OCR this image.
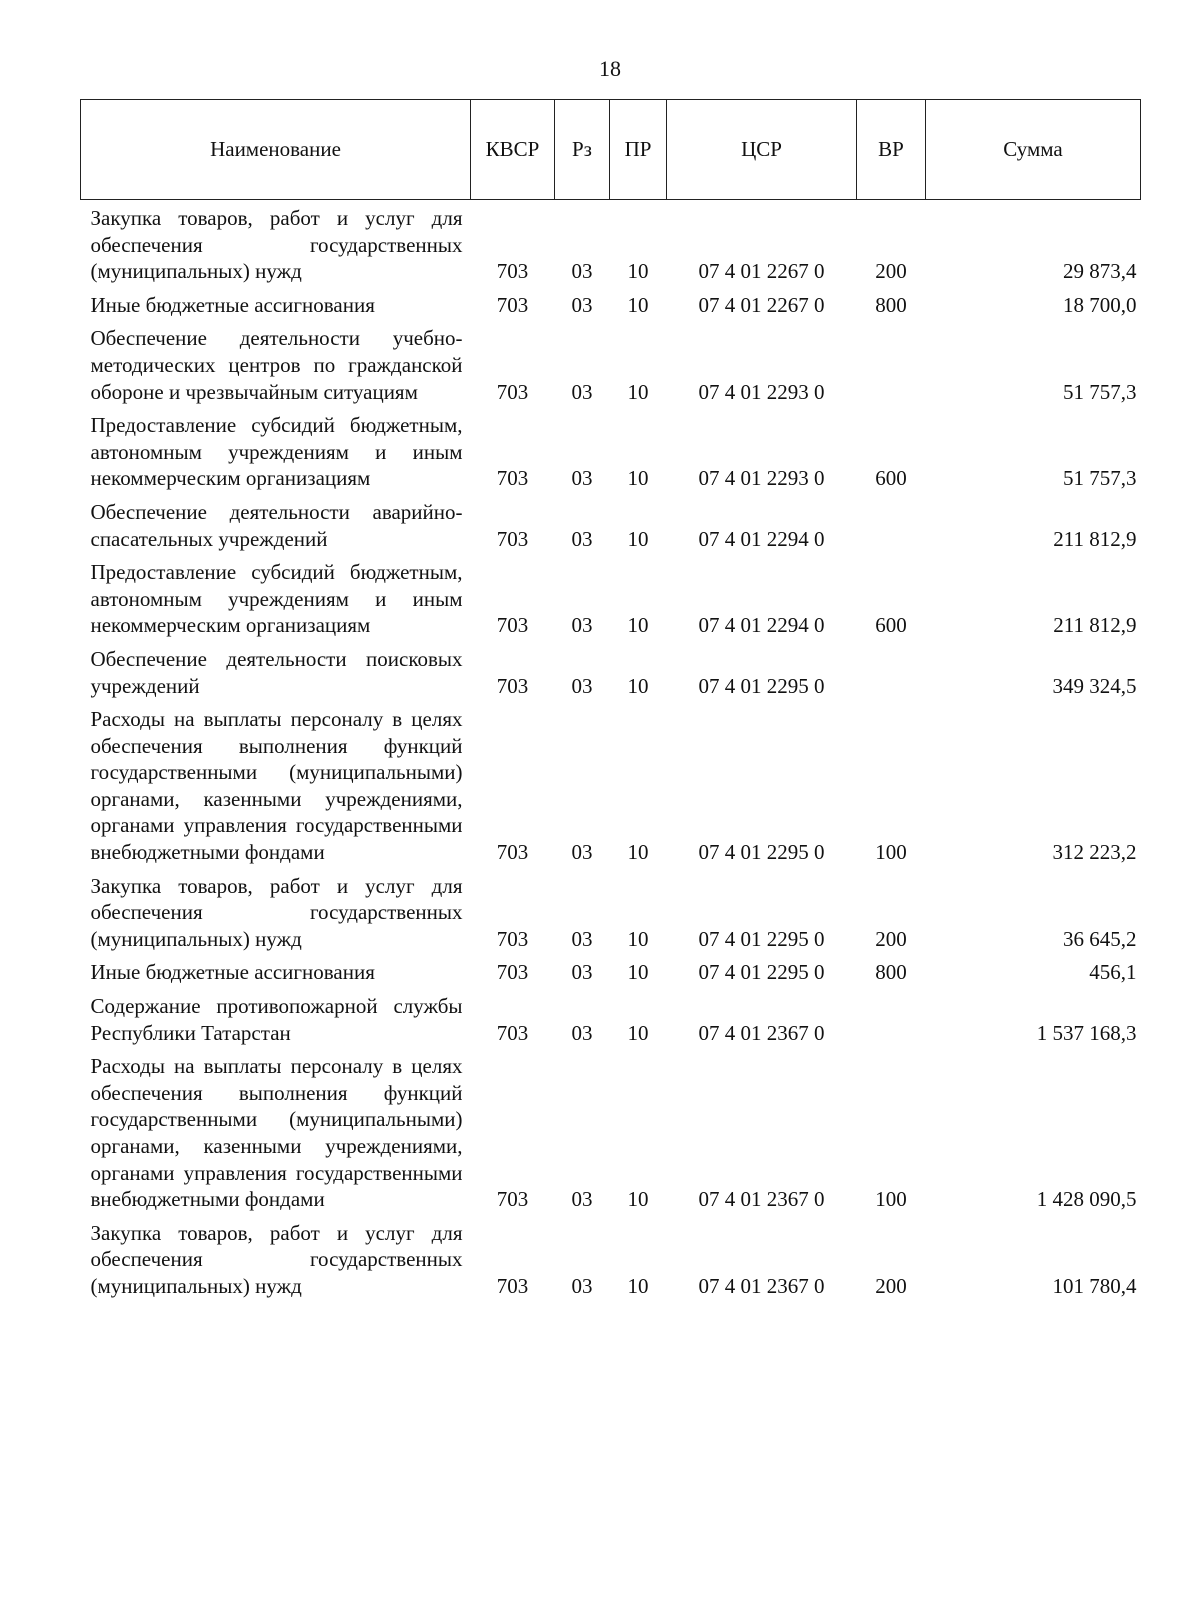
18
Наименование	КВСР	Рз	ПР	ЦСР	ВР	Сумма
Закупка товаров, работ и услуг для обеспечения государственных (муниципальных) нужд	703	03	10	07 4 01 2267 0	200	29 873,4
Иные бюджетные ассигнования	703	03	10	07 4 01 2267 0	800	18 700,0
Обеспечение деятельности учебно-методических центров по гражданской обороне и чрезвычайным ситуациям	703	03	10	07 4 01 2293 0		51 757,3
Предоставление субсидий бюджетным, автономным учреждениям и иным некоммерческим организациям	703	03	10	07 4 01 2293 0	600	51 757,3
Обеспечение деятельности аварийно-спасательных учреждений	703	03	10	07 4 01 2294 0		211 812,9
Предоставление субсидий бюджетным, автономным учреждениям и иным некоммерческим организациям	703	03	10	07 4 01 2294 0	600	211 812,9
Обеспечение деятельности поисковых учреждений	703	03	10	07 4 01 2295 0		349 324,5
Расходы на выплаты персоналу в целях обеспечения выполнения функций государственными (муниципальными) органами, казенными учреждениями, органами управления государственными внебюджетными фондами	703	03	10	07 4 01 2295 0	100	312 223,2
Закупка товаров, работ и услуг для обеспечения государственных (муниципальных) нужд	703	03	10	07 4 01 2295 0	200	36 645,2
Иные бюджетные ассигнования	703	03	10	07 4 01 2295 0	800	456,1
Содержание противопожарной службы Республики Татарстан	703	03	10	07 4 01 2367 0		1 537 168,3
Расходы на выплаты персоналу в целях обеспечения выполнения функций государственными (муниципальными) органами, казенными учреждениями, органами управления государственными внебюджетными фондами	703	03	10	07 4 01 2367 0	100	1 428 090,5
Закупка товаров, работ и услуг для обеспечения государственных (муниципальных) нужд	703	03	10	07 4 01 2367 0	200	101 780,4
